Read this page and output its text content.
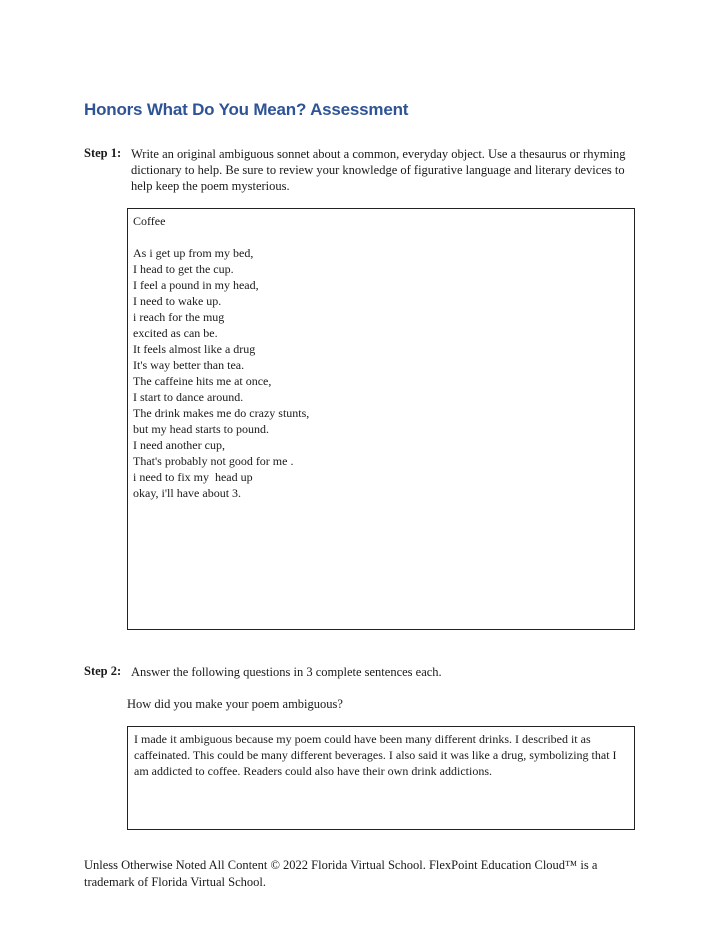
Honors What Do You Mean? Assessment
Step 1: Write an original ambiguous sonnet about a common, everyday object. Use a thesaurus or rhyming dictionary to help. Be sure to review your knowledge of figurative language and literary devices to help keep the poem mysterious.
Coffee
As i get up from my bed,
I head to get the cup.
I feel a pound in my head,
I need to wake up.
i reach for the mug
excited as can be.
It feels almost like a drug
It's way better than tea.
The caffeine hits me at once,
I start to dance around.
The drink makes me do crazy stunts,
but my head starts to pound.
I need another cup,
That's probably not good for me .
i need to fix my  head up
okay, i'll have about 3.
Step 2: Answer the following questions in 3 complete sentences each.
How did you make your poem ambiguous?
I made it ambiguous because my poem could have been many different drinks. I described it as caffeinated. This could be many different beverages. I also said it was like a drug, symbolizing that I am addicted to coffee. Readers could also have their own drink addictions.
Unless Otherwise Noted All Content © 2022 Florida Virtual School. FlexPoint Education Cloud™ is a trademark of Florida Virtual School.
